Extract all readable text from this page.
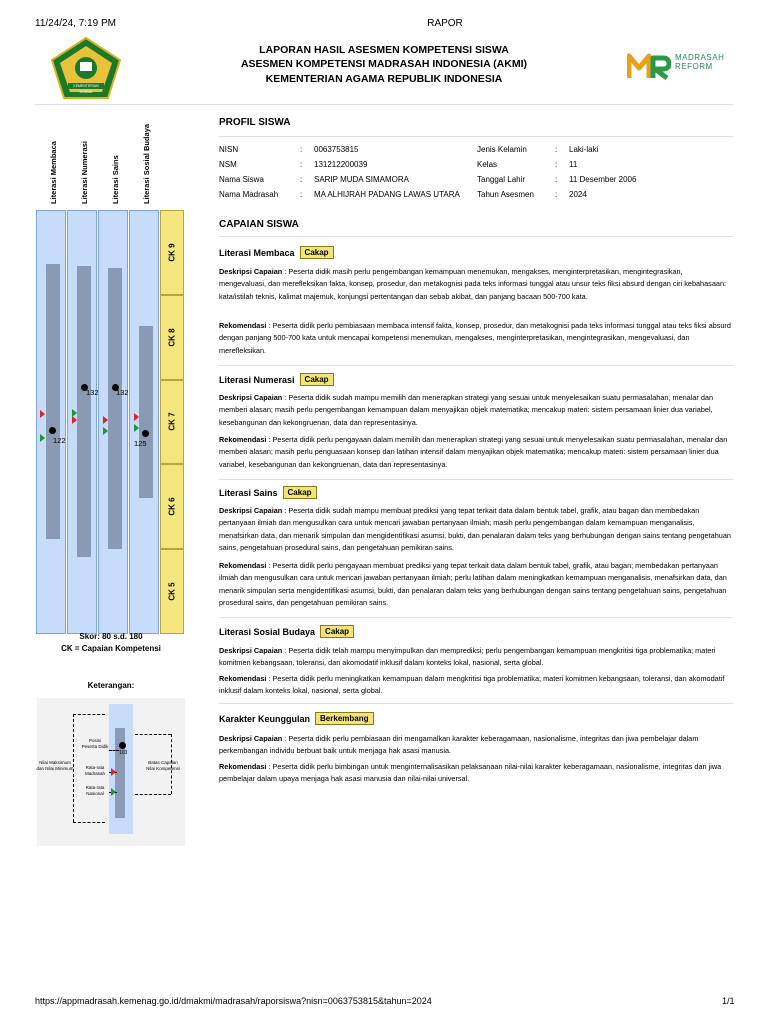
11/24/24, 7:19 PM	RAPOR
https://appmadrasah.kemenag.go.id/dmakmi/madrasah/raporsiswa?nisn=0063753815&tahun=2024	1/1
KEMENTERIAN AGAMA
LAPORAN HASIL ASESMEN KOMPETENSI SISWA
ASESMEN KOMPETENSI MADRASAH INDONESIA (AKMI)
KEMENTERIAN AGAMA REPUBLIK INDONESIA
MADRASAH
REFORM
Literasi Membaca	Literasi Numerasi	Literasi Sains	Literasi Sosial Budaya
CK 9
CK 8
CK 7
CK 6
CK 5
122
132 132
125
Skor: 80 s.d. 180
CK = Capaian Kompetensi
Keterangan:
103
Nilai Maksimum
dan Nilai Minimum
Posisi
Peserta Didik
Rata-rata
Madrasah
Rata-rata
Nasional
Batas Capaian
Nilai Kompetensi
PROFIL SISWA
NISN	: 0063753815
NSM	: 131212200039
Nama Siswa	: SARIP MUDA SIMAMORA
Nama Madrasah	: MA ALHIJRAH PADANG LAWAS UTARA
Jenis Kelamin	: Laki-laki
Kelas	: 11
Tanggal Lahir	: 11 Desember 2006
Tahun Asesmen	: 2024
CAPAIAN SISWA
Literasi Membaca Cakap
Deskripsi Capaian : Peserta didik masih perlu pengembangan kemampuan menemukan, mengakses, menginterpretasikan, mengintegrasikan, mengevaluasi, dan merefleksikan fakta, konsep, prosedur, dan metakognisi pada teks informasi tunggal atau unsur teks fiksi absurd dengan ciri kebahasaan: kata/istilah teknis, kalimat majemuk, konjungsi pertentangan dan sebab akibat, dan panjang bacaan 500-700 kata.
Rekomendasi : Peserta didik perlu pembiasaan membaca intensif fakta, konsep, prosedur, dan metakognisi pada teks informasi tunggal atau teks fiksi absurd dengan panjang 500-700 kata untuk mencapai kompetensi menemukan, mengakses, menginterpretasikan, mengintegrasikan, mengevaluasi, dan merefleksikan.
Literasi Numerasi Cakap
Deskripsi Capaian : Peserta didik sudah mampu memilih dan menerapkan strategi yang sesuai untuk menyelesaikan suatu permasalahan, menalar dan memberi alasan; masih perlu pengembangan kemampuan dalam menyajikan objek matematika; mencakup materi: sistem persamaan linier dua variabel, kesebangunan dan kekongruenan, data dan representasinya.
Rekomendasi : Peserta didik perlu pengayaan dalam memilih dan menerapkan strategi yang sesuai untuk menyelesaikan suatu permasalahan, menalar dan memberi alasan; masih perlu penguasaan konsep dan latihan intensif dalam menyajikan objek matematika; mencakup materi: sistem persamaan linier dua variabel, kesebangunan dan kekongruenan, data dan representasinya.
Literasi Sains Cakap
Deskripsi Capaian : Peserta didik sudah mampu membuat prediksi yang tepat terkait data dalam bentuk tabel, grafik, atau bagan dan membedakan pertanyaan ilmiah dan mengusulkan cara untuk mencari jawaban pertanyaan ilmiah; masih perlu pengembangan dalam kemampuan menganalisis, menafsirkan data, dan menarik simpulan dan mengidentifikasi asumsi, bukti, dan penalaran dalam teks yang berhubungan dengan sains tentang pengetahuan sains, pengetahuan prosedural sains, dan pengetahuan pemikiran sains.
Rekomendasi : Peserta didik perlu pengayaan membuat prediksi yang tepat terkait data dalam bentuk tabel, grafik, atau bagan; membedakan pertanyaan ilmiah dan mengusulkan cara untuk mencari jawaban pertanyaan ilmiah; perlu latihan dalam meningkatkan kemampuan menganalisis, menafsirkan data, dan menarik simpulan serta mengidentifikasi asumsi, bukti, dan penalaran dalam teks yang berhubungan dengan sains tentang pengetahuan sains, pengetahuan prosedural sains, dan pengetahuan pemikiran sains.
Literasi Sosial Budaya Cakap
Deskripsi Capaian : Peserta didik telah mampu menyimpulkan dan memprediksi; perlu pengembangan kemampuan mengkritisi tiga problematika; materi komitmen kebangsaan, toleransi, dan akomodatif inklusif dalam konteks lokal, nasional, serta global.
Rekomendasi : Peserta didik perlu meningkatkan kemampuan dalam mengkritisi tiga problematika; materi komitmen kebangsaan, toleransi, dan akomodatif inklusif dalam konteks lokal, nasional, serta global.
Karakter Keunggulan Berkembang
Deskripsi Capaian : Peserta didik perlu pembiasaan diri mengamalkan karakter keberagamaan, nasionalisme, integritas dan jiwa pembelajar dalam perkembangan individu berbuat baik untuk menjaga hak asasi manusia.
Rekomendasi : Peserta didik perlu bimbingan untuk menginternalisasikan pelaksanaan nilai-nilai karakter keberagamaan, nasionalisme, integritas dan jiwa pembelajar dalam upaya menjaga hak asasi manusia dan nilai-nilai universal.
